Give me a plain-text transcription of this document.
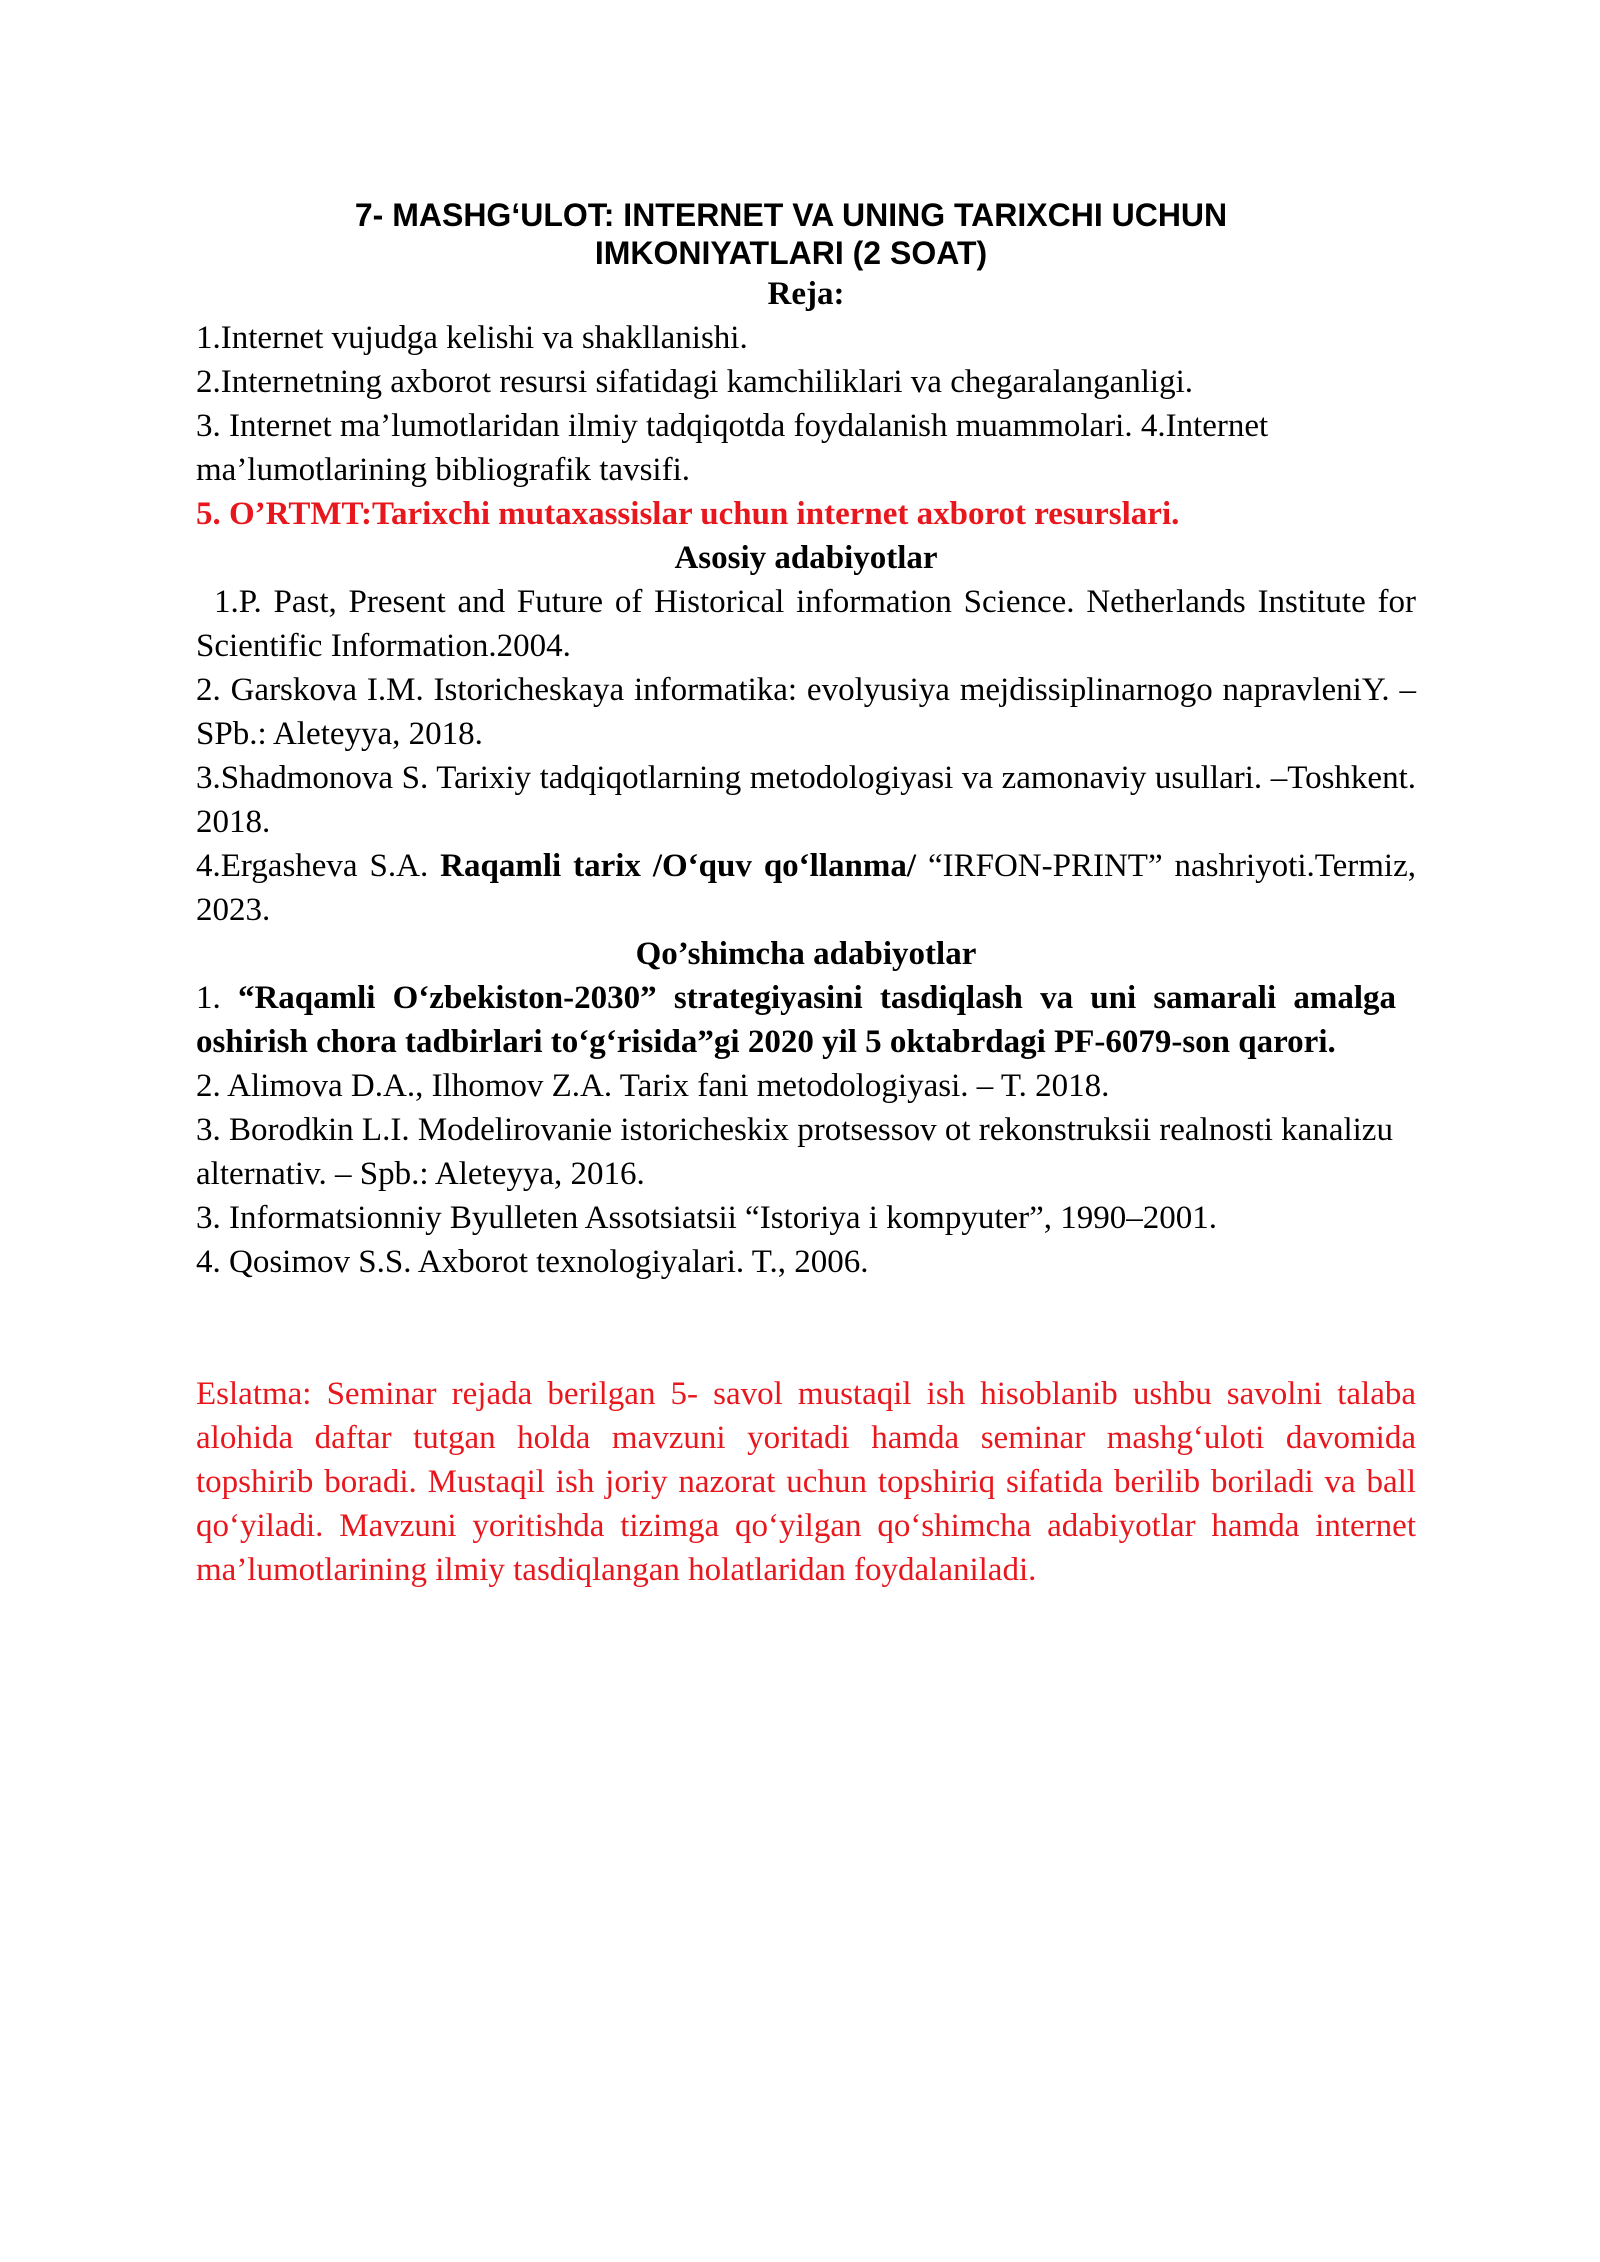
7- MASHG‘ULOT: INTERNET VA UNING TARIXCHI UCHUN
IMKONIYATLARI (2 SOAT)

Reja:

1.Internet vujudga kelishi va shakllanishi.

2.Internetning axborot resursi sifatidagi kamchiliklari va chegaralanganligi.

3. Internet ma’lumotlaridan ilmiy tadqiqotda foydalanish muammolari. 4.Internet ma’lumotlarining bibliografik tavsifi.

5. O’RTMT:Tarixchi mutaxassislar uchun internet axborot resurslari.

Asosiy adabiyotlar

1.P. Past, Present and Future of Historical information Science. Netherlands Institute for Scientific Information.2004.

2. Garskova I.M. Istoricheskaya informatika: evolyusiya mejdissiplinarnogo napravleniY. – SPb.: Aleteyya, 2018.

3.Shadmonova S. Tarixiy tadqiqotlarning metodologiyasi va zamonaviy usullari. –Toshkent. 2018.

4.Ergasheva S.A. Raqamli tarix /O‘quv qo‘llanma/ “IRFON-PRINT” nashriyoti.Termiz, 2023.

Qo’shimcha adabiyotlar

1. “Raqamli O‘zbekiston-2030” strategiyasini tasdiqlash va uni samarali amalga oshirish chora tadbirlari to‘g‘risida”gi 2020 yil 5 oktabrdagi PF-6079-son qarori.

2. Alimova D.A., Ilhomov Z.A. Tarix fani metodologiyasi. – T. 2018.

3. Borodkin L.I. Modelirovanie istoricheskix protsessov ot rekonstruksii realnosti kanalizu alternativ. – Spb.: Aleteyya, 2016.

3. Informatsionniy Byulleten Assotsiatsii “Istoriya i kompyuter”, 1990–2001.

4. Qosimov S.S. Axborot texnologiyalari. T., 2006.

Eslatma: Seminar rejada berilgan 5- savol mustaqil ish hisoblanib ushbu savolni talaba alohida daftar tutgan holda mavzuni yoritadi hamda seminar mashg‘uloti davomida topshirib boradi. Mustaqil ish joriy nazorat uchun topshiriq sifatida berilib boriladi va ball qo‘yiladi. Mavzuni yoritishda tizimga qo‘yilgan qo‘shimcha adabiyotlar hamda internet ma’lumotlarining ilmiy tasdiqlangan holatlaridan foydalaniladi.
